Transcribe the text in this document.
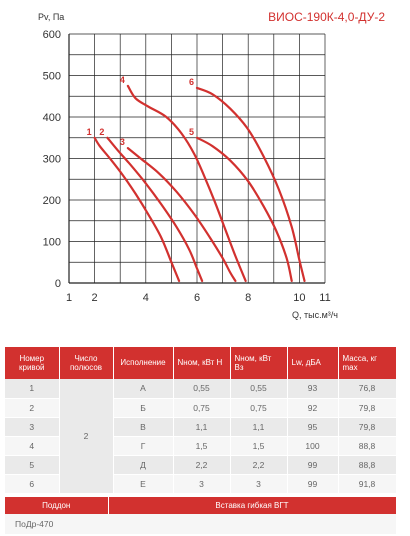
0
100
200
300
400
500
600
1 2	4	6	8	10 11
1 2
3
4
5
6
Pv, Па
Q, тыс.м³/ч
ВИОС-190К-4,0-ДУ-2
Номер кривой	Число полюсов	Исполнение	Nном, кВт Н	Nном, кВт Вз	Lw, дБА	Масса, кг max
1	2	А	0,55	0,55	93	76,8
2		Б	0,75	0,75	92	79,8
3		В	1,1	1,1	95	79,8
4		Г	1,5	1,5	100	88,8
5		Д	2,2	2,2	99	88,8
6		Е	3	3	99	91,8
Поддон	Вставка гибкая ВГТ
ПоДр-470	
